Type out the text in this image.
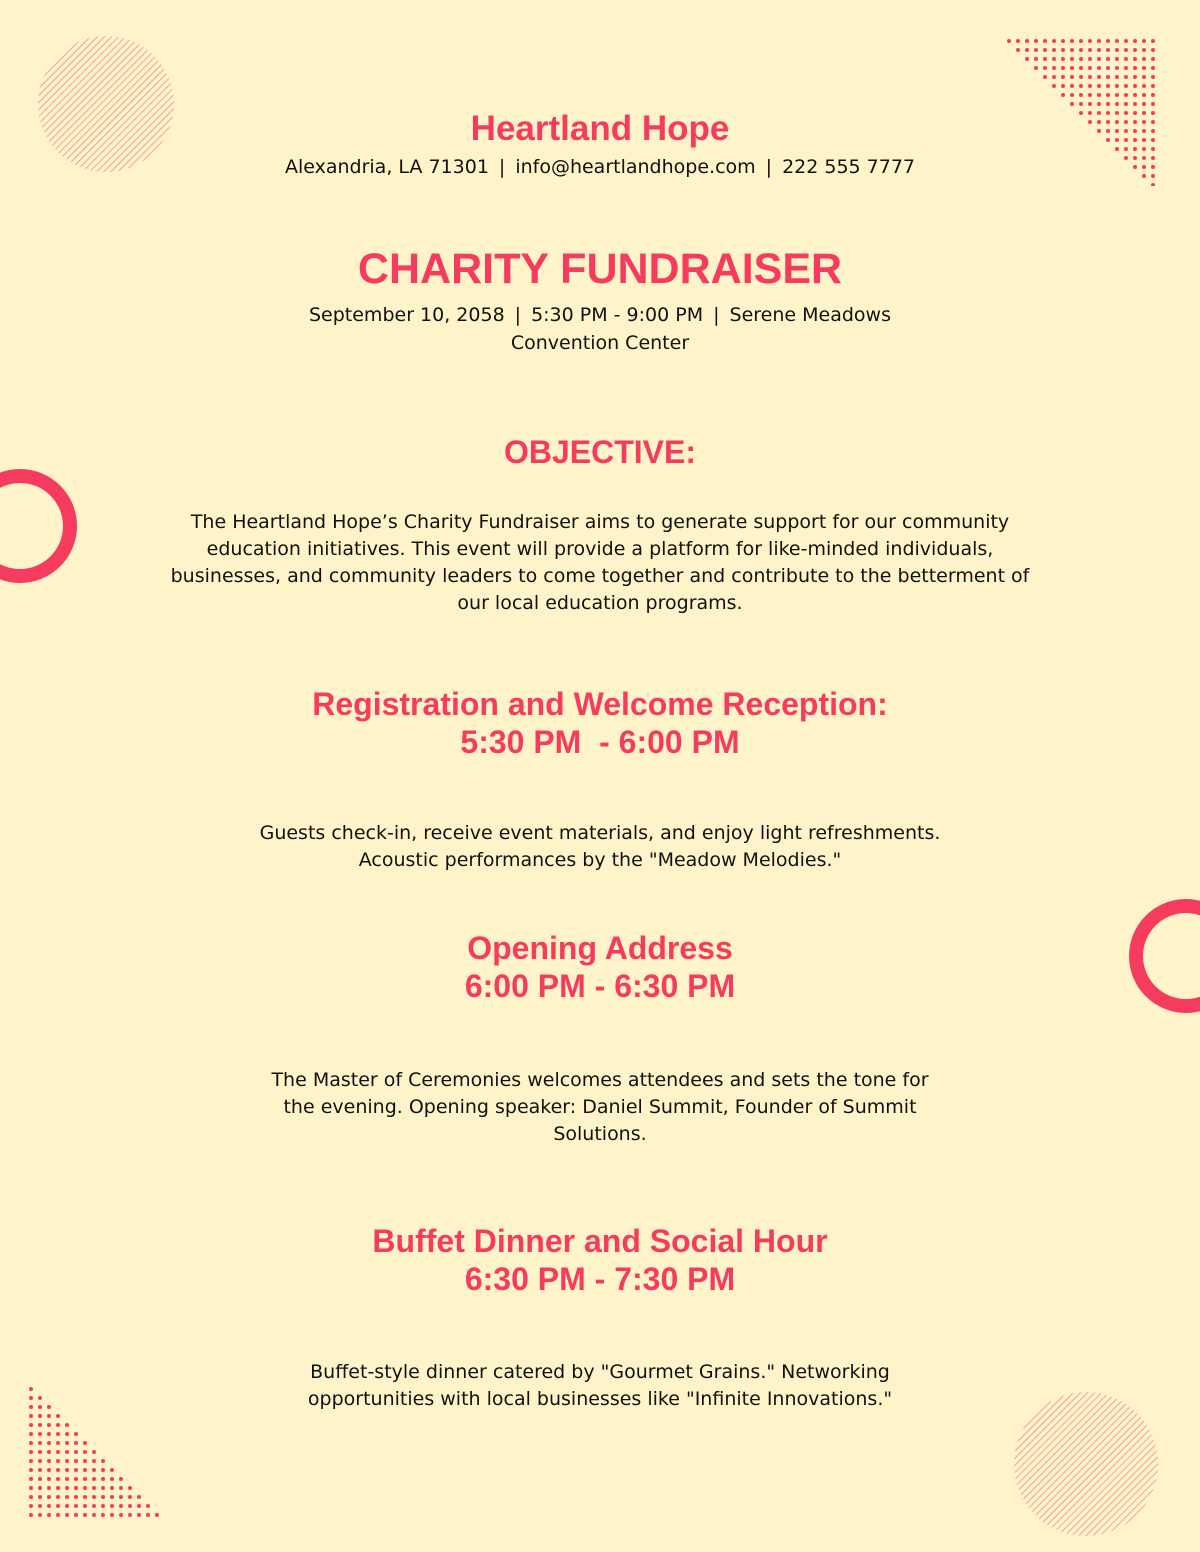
Heartland Hope
Alexandria, LA 71301 | info@heartlandhope.com | 222 555 7777
CHARITY FUNDRAISER
September 10, 2058 | 5:30 PM - 9:00 PM | Serene Meadows Convention Center
OBJECTIVE:
The Heartland Hope’s Charity Fundraiser aims to generate support for our community education initiatives. This event will provide a platform for like-minded individuals, businesses, and community leaders to come together and contribute to the betterment of our local education programs.
Registration and Welcome Reception:
5:30 PM  - 6:00 PM
Guests check-in, receive event materials, and enjoy light refreshments. Acoustic performances by the "Meadow Melodies."
Opening Address
6:00 PM - 6:30 PM
The Master of Ceremonies welcomes attendees and sets the tone for the evening. Opening speaker: Daniel Summit, Founder of Summit Solutions.
Buffet Dinner and Social Hour
6:30 PM - 7:30 PM
Buffet-style dinner catered by "Gourmet Grains." Networking opportunities with local businesses like "Infinite Innovations."
